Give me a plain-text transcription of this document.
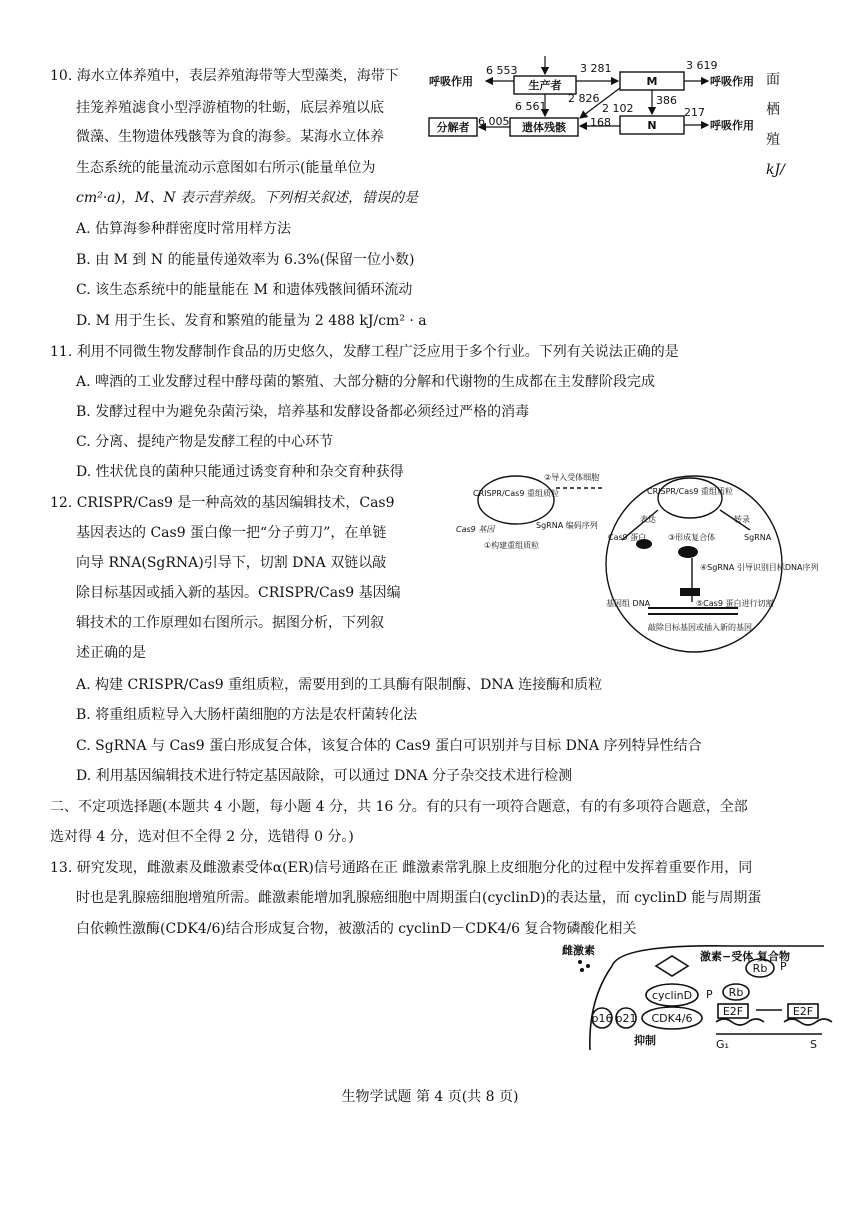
10. 海水立体养殖中，表层养殖海带等大型藻类，海带下
挂笼养殖滤食小型浮游植物的牡蛎，底层养殖以底
微藻、生物遗体残骸等为食的海参。某海水立体养
生态系统的能量流动示意图如右所示(能量单位为
cm²·a)，M、N 表示营养级。下列相关叙述，错误的是
面
栖
殖
kJ/
A. 估算海参种群密度时常用样方法
B. 由 M 到 N 的能量传递效率为 6.3%(保留一位小数)
C. 该生态系统中的能量能在 M 和遗体残骸间循环流动
D. M 用于生长、发育和繁殖的能量为 2 488 kJ/cm² · a
生产者	M
N
遗体残骸
分解者
呼吸作用	呼吸作用
呼吸作用
6 553	3 281	3 619
6 561
2 826
2 102
386
6 005	168
217
11. 利用不同微生物发酵制作食品的历史悠久，发酵工程广泛应用于多个行业。下列有关说法正确的是
A. 啤酒的工业发酵过程中酵母菌的繁殖、大部分糖的分解和代谢物的生成都在主发酵阶段完成
B. 发酵过程中为避免杂菌污染，培养基和发酵设备都必须经过严格的消毒
C. 分离、提纯产物是发酵工程的中心环节
D. 性状优良的菌种只能通过诱变育种和杂交育种获得
12. CRISPR/Cas9 是一种高效的基因编辑技术，Cas9
基因表达的 Cas9 蛋白像一把“分子剪刀”，在单链
向导 RNA(SgRNA)引导下，切割 DNA 双链以敲
除目标基因或插入新的基因。CRISPR/Cas9 基因编
辑技术的工作原理如右图所示。据图分析，下列叙
述正确的是
A. 构建 CRISPR/Cas9 重组质粒，需要用到的工具酶有限制酶、DNA 连接酶和质粒
B. 将重组质粒导入大肠杆菌细胞的方法是农杆菌转化法
C. SgRNA 与 Cas9 蛋白形成复合体，该复合体的 Cas9 蛋白可识别并与目标 DNA 序列特异性结合
D. 利用基因编辑技术进行特定基因敲除，可以通过 DNA 分子杂交技术进行检测
CRISPR/Cas9 重组质粒
②导入受体细胞
Cas9 基因	SgRNA 编码序列
①构建重组质粒
CRISPR/Cas9 重组质粒
表达	转录
Cas9 蛋白	③形成复合体	SgRNA
④SgRNA 引导识别目标DNA序列
基因组 DNA	⑤Cas9 蛋白进行切割
敲除目标基因或插入新的基因
二、不定项选择题(本题共 4 小题，每小题 4 分，共 16 分。有的只有一项符合题意，有的有多项符合题意，全部
选对得 4 分，选对但不全得 2 分，选错得 0 分。)
13. 研究发现，雌激素及雌激素受体α(ER)信号通路在正 雌激素常乳腺上皮细胞分化的过程中发挥着重要作用，同
时也是乳腺癌细胞增殖所需。雌激素能增加乳腺癌细胞中周期蛋白(cyclinD)的表达量，而 cyclinD 能与周期蛋
白依赖性激酶(CDK4/6)结合形成复合物，被激活的 cyclinD－CDK4/6 复合物磷酸化相关
雌激素	激素−受体 复合物
cyclinD
CDK4/6
p16 p21
抑制
Rb
Rb
E2F	E2F
P
P
G₁	S
生物学试题 第 4 页(共 8 页)
